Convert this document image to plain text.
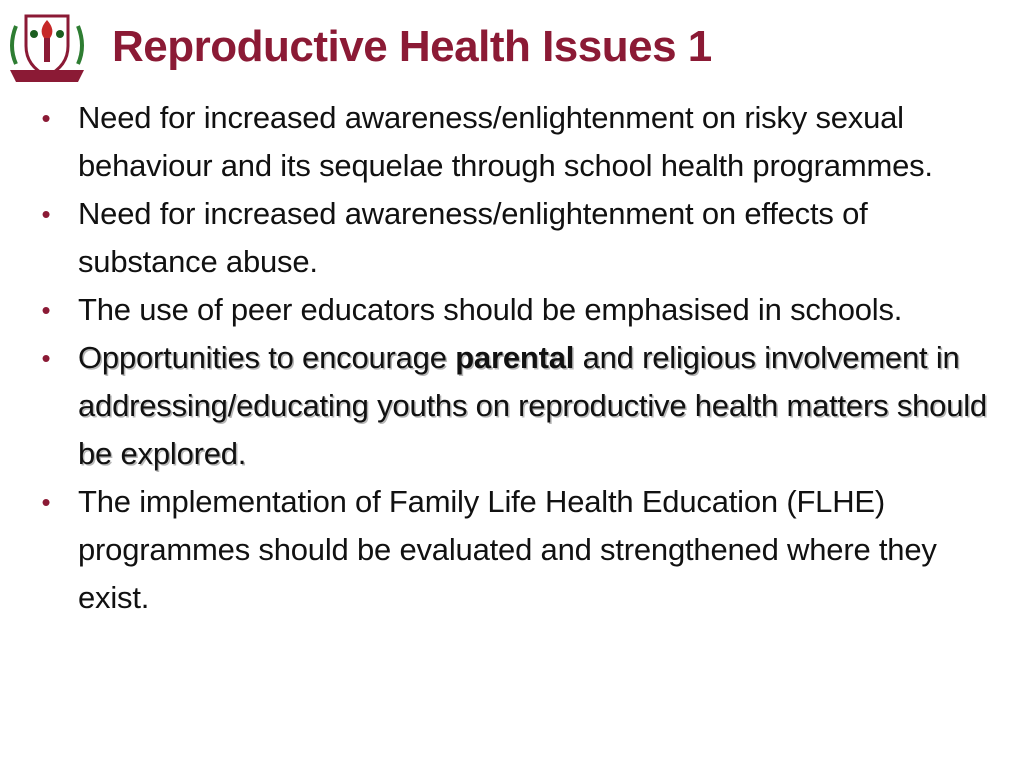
Reproductive Health Issues 1
• Need for increased awareness/enlightenment on risky sexual behaviour and its sequelae through school health programmes.
• Need for increased awareness/enlightenment on effects of substance abuse.
• The use of peer educators should be emphasised in schools.
• Opportunities to encourage parental and religious involvement in addressing/educating youths on reproductive health matters should be explored.
• The implementation of Family Life Health Education (FLHE) programmes should be evaluated and strengthened where they exist.
